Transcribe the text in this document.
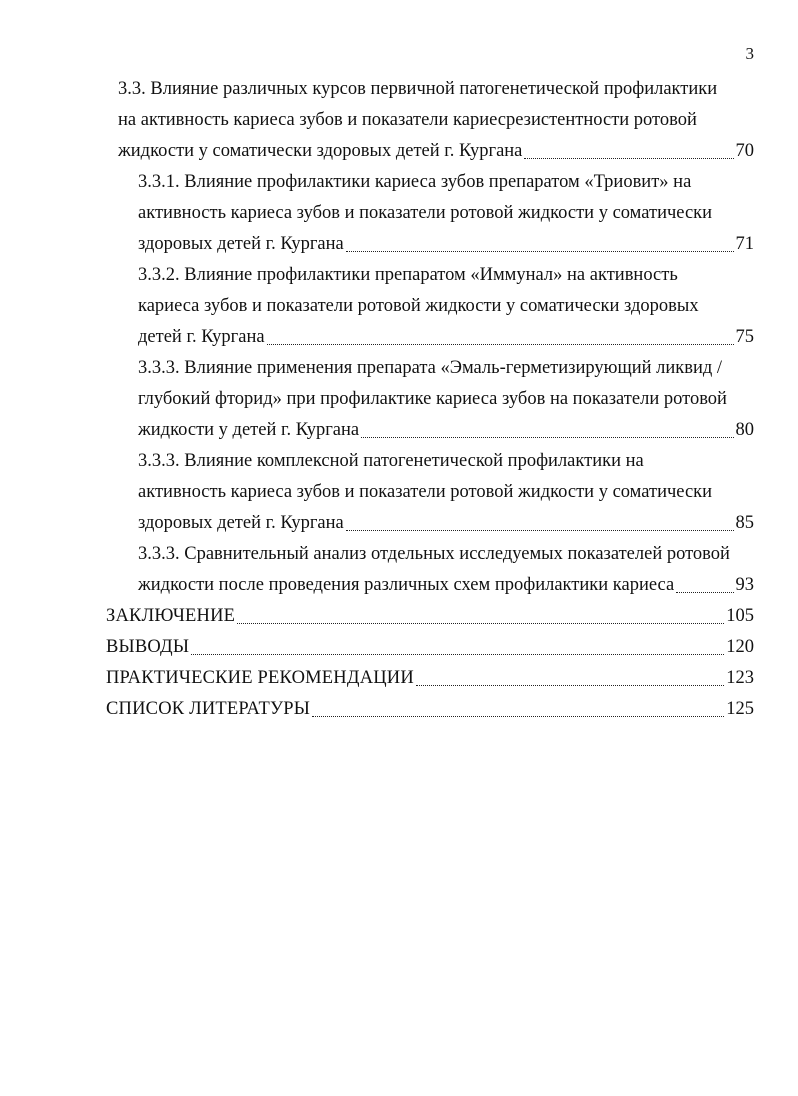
3
3.3. Влияние различных курсов первичной патогенетической профилактики
на активность кариеса зубов и показатели кариесрезистентности ротовой
жидкости у соматически здоровых детей г. Кургана	70
3.3.1. Влияние профилактики кариеса зубов препаратом «Триовит» на
активность кариеса зубов и показатели ротовой жидкости у соматически
здоровых детей г. Кургана	71
3.3.2. Влияние профилактики препаратом «Иммунал» на активность
кариеса зубов и показатели ротовой жидкости у соматически здоровых
детей г. Кургана	75
3.3.3. Влияние применения препарата «Эмаль-герметизирующий ликвид /
глубокий фторид» при профилактике кариеса зубов на показатели ротовой
жидкости у детей г. Кургана	80
3.3.3. Влияние комплексной патогенетической профилактики на
активность кариеса зубов и показатели ротовой жидкости у соматически
здоровых детей г. Кургана	85
3.3.3. Сравнительный анализ отдельных исследуемых показателей ротовой
жидкости после проведения различных схем профилактики кариеса	93
ЗАКЛЮЧЕНИЕ	105
ВЫВОДЫ	120
ПРАКТИЧЕСКИЕ РЕКОМЕНДАЦИИ	123
СПИСОК ЛИТЕРАТУРЫ	125
